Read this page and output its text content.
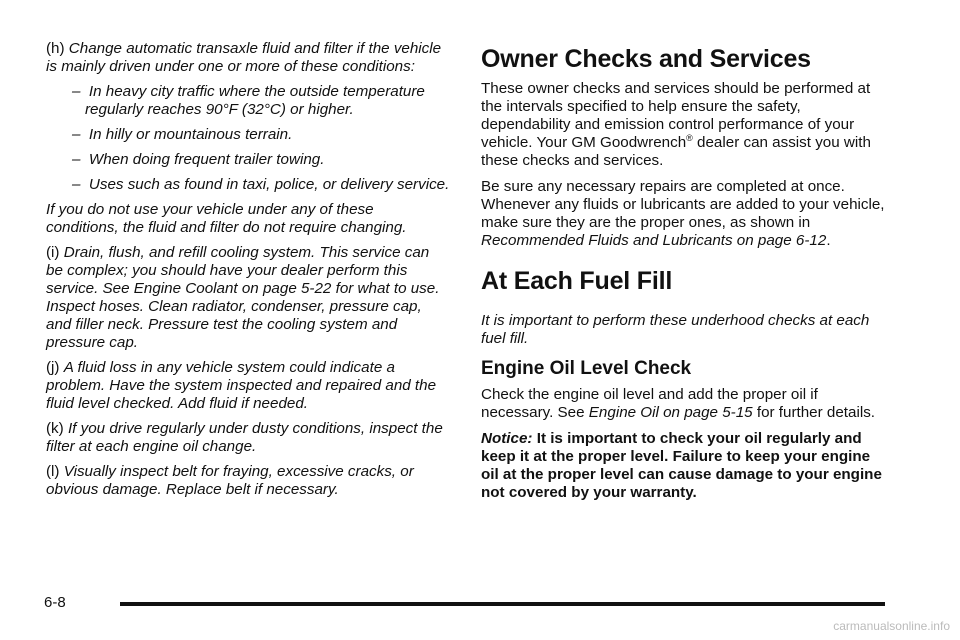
(h) Change automatic transaxle fluid and filter if the vehicle is mainly driven under one or more of these conditions:

–  In heavy city traffic where the outside temperature regularly reaches 90°F (32°C) or higher.

–  In hilly or mountainous terrain.

–  When doing frequent trailer towing.

–  Uses such as found in taxi, police, or delivery service.

If you do not use your vehicle under any of these conditions, the fluid and filter do not require changing.

(i) Drain, flush, and refill cooling system. This service can be complex; you should have your dealer perform this service. See Engine Coolant on page 5-22 for what to use. Inspect hoses. Clean radiator, condenser, pressure cap, and filler neck. Pressure test the cooling system and pressure cap.

(j) A fluid loss in any vehicle system could indicate a problem. Have the system inspected and repaired and the fluid level checked. Add fluid if needed.

(k) If you drive regularly under dusty conditions, inspect the filter at each engine oil change.

(l) Visually inspect belt for fraying, excessive cracks, or obvious damage. Replace belt if necessary.

Owner Checks and Services

These owner checks and services should be performed at the intervals specified to help ensure the safety, dependability and emission control performance of your vehicle. Your GM Goodwrench® dealer can assist you with these checks and services.

Be sure any necessary repairs are completed at once. Whenever any fluids or lubricants are added to your vehicle, make sure they are the proper ones, as shown in Recommended Fluids and Lubricants on page 6-12.

At Each Fuel Fill

It is important to perform these underhood checks at each fuel fill.

Engine Oil Level Check

Check the engine oil level and add the proper oil if necessary. See Engine Oil on page 5-15 for further details.

Notice: It is important to check your oil regularly and keep it at the proper level. Failure to keep your engine oil at the proper level can cause damage to your engine not covered by your warranty.

6-8
carmanualsonline.info
